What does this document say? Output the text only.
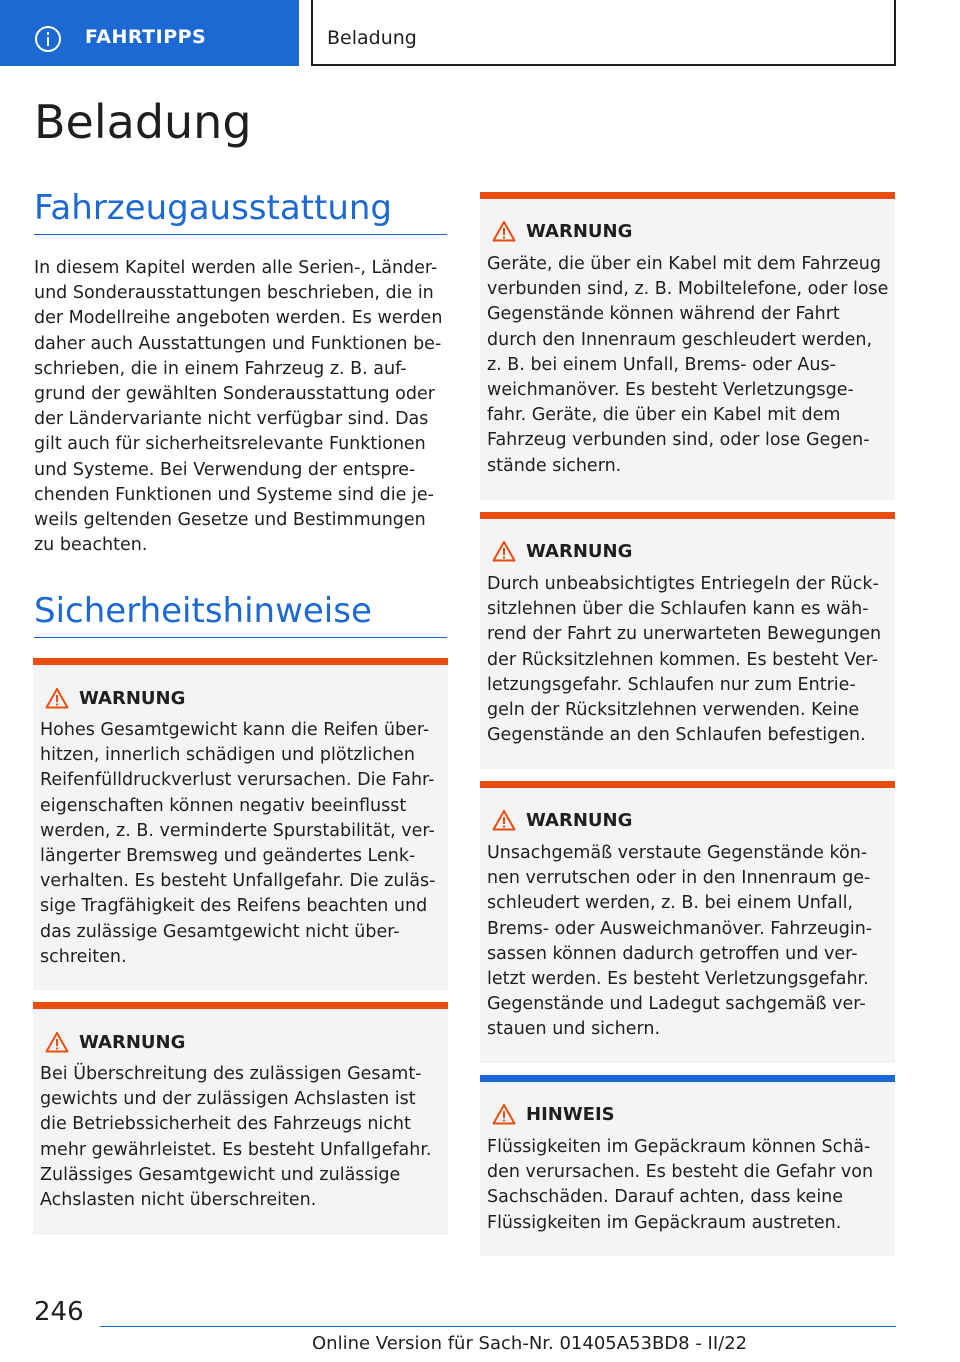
FAHRTIPPS	Beladung
Beladung
Fahrzeugausstattung

In diesem Kapitel werden alle Serien-, Länder-
und Sonderausstattungen beschrieben, die in
der Modellreihe angeboten werden. Es werden
daher auch Ausstattungen und Funktionen be-
schrieben, die in einem Fahrzeug z. B. auf-
grund der gewählten Sonderausstattung oder
der Ländervariante nicht verfügbar sind. Das
gilt auch für sicherheitsrelevante Funktionen
und Systeme. Bei Verwendung der entspre-
chenden Funktionen und Systeme sind die je-
weils geltenden Gesetze und Bestimmungen
zu beachten.

Sicherheitshinweise
WARNUNG

Hohes Gesamtgewicht kann die Reifen über-
hitzen, innerlich schädigen und plötzlichen
Reifenfülldruckverlust verursachen. Die Fahr-
eigenschaften können negativ beeinflusst
werden, z. B. verminderte Spurstabilität, ver-
längerter Bremsweg und geändertes Lenk-
verhalten. Es besteht Unfallgefahr. Die zuläs-
sige Tragfähigkeit des Reifens beachten und
das zulässige Gesamtgewicht nicht über-
schreiten.

WARNUNG

Bei Überschreitung des zulässigen Gesamt-
gewichts und der zulässigen Achslasten ist
die Betriebssicherheit des Fahrzeugs nicht
mehr gewährleistet. Es besteht Unfallgefahr.
Zulässiges Gesamtgewicht und zulässige
Achslasten nicht überschreiten.

WARNUNG

Geräte, die über ein Kabel mit dem Fahrzeug
verbunden sind, z. B. Mobiltelefone, oder lose
Gegenstände können während der Fahrt
durch den Innenraum geschleudert werden,
z. B. bei einem Unfall, Brems- oder Aus-
weichmanöver. Es besteht Verletzungsge-
fahr. Geräte, die über ein Kabel mit dem
Fahrzeug verbunden sind, oder lose Gegen-
stände sichern.

WARNUNG

Durch unbeabsichtigtes Entriegeln der Rück-
sitzlehnen über die Schlaufen kann es wäh-
rend der Fahrt zu unerwarteten Bewegungen
der Rücksitzlehnen kommen. Es besteht Ver-
letzungsgefahr. Schlaufen nur zum Entrie-
geln der Rücksitzlehnen verwenden. Keine
Gegenstände an den Schlaufen befestigen.

WARNUNG

Unsachgemäß verstaute Gegenstände kön-
nen verrutschen oder in den Innenraum ge-
schleudert werden, z. B. bei einem Unfall,
Brems- oder Ausweichmanöver. Fahrzeugin-
sassen können dadurch getroffen und ver-
letzt werden. Es besteht Verletzungsgefahr.
Gegenstände und Ladegut sachgemäß ver-
stauen und sichern.

HINWEIS

Flüssigkeiten im Gepäckraum können Schä-
den verursachen. Es besteht die Gefahr von
Sachschäden. Darauf achten, dass keine
Flüssigkeiten im Gepäckraum austreten.

246
Online Version für Sach-Nr. 01405A53BD8 - II/22
